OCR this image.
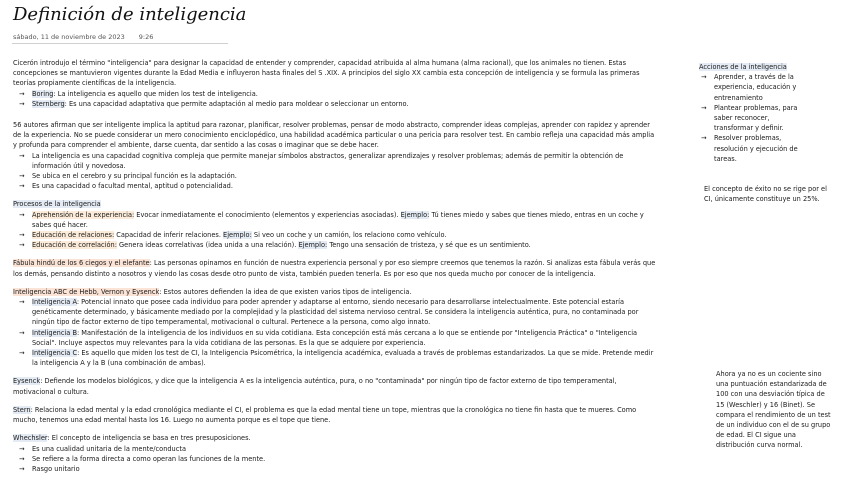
Definición de inteligencia
sábado, 11 de noviembre de 2023 9:26

Cicerón introdujo el término "inteligencia" para designar la capacidad de entender y comprender, capacidad atribuida al alma humana (alma racional), que los animales no tienen. Estas concepciones se mantuvieron vigentes durante la Edad Media e influyeron hasta finales del S .XIX. A principios del siglo XX cambia esta concepción de inteligencia y se formula las primeras teorías propiamente científicas de la inteligencia.

→ Boring: La inteligencia es aquello que miden los test de inteligencia.
→ Sternberg: Es una capacidad adaptativa que permite adaptación al medio para moldear o seleccionar un entorno.

56 autores afirman que ser inteligente implica la aptitud para razonar, planificar, resolver problemas, pensar de modo abstracto, comprender ideas complejas, aprender con rapidez y aprender de la experiencia. No se puede considerar un mero conocimiento enciclopédico, una habilidad académica particular o una pericia para resolver test. En cambio refleja una capacidad más amplia y profunda para comprender el ambiente, darse cuenta, dar sentido a las cosas o imaginar que se debe hacer.

→ La inteligencia es una capacidad cognitiva compleja que permite manejar símbolos abstractos, generalizar aprendizajes y resolver problemas; además de permitir la obtención de información útil y novedosa.
→ Se ubica en el cerebro y su principal función es la adaptación.
→ Es una capacidad o facultad mental, aptitud o potencialidad.
Procesos de la inteligencia
→ Aprehensión de la experiencia: Evocar inmediatamente el conocimiento (elementos y experiencias asociadas). Ejemplo: Tú tienes miedo y sabes que tienes miedo, entras en un coche y sabes qué hacer.
→ Educación de relaciones: Capacidad de inferir relaciones. Ejemplo: Si veo un coche y un camión, los relaciono como vehículo.
→ Educación de correlación: Genera ideas correlativas (idea unida a una relación). Ejemplo: Tengo una sensación de tristeza, y sé que es un sentimiento.

Fábula hindú de los 6 ciegos y el elefante: Las personas opinamos en función de nuestra experiencia personal y por eso siempre creemos que tenemos la razón. Si analizas esta fábula verás que los demás, pensando distinto a nosotros y viendo las cosas desde otro punto de vista, también pueden tenerla. Es por eso que nos queda mucho por conocer de la inteligencia.

Inteligencia ABC de Hebb, Vernon y Eysenck: Estos autores defienden la idea de que existen varios tipos de inteligencia.
→ Inteligencia A: Potencial innato que posee cada individuo para poder aprender y adaptarse al entorno, siendo necesario para desarrollarse intelectualmente. Este potencial estaría genéticamente determinado, y básicamente mediado por la complejidad y la plasticidad del sistema nervioso central. Se considera la inteligencia auténtica, pura, no contaminada por ningún tipo de factor externo de tipo temperamental, motivacional o cultural. Pertenece a la persona, como algo innato.
→ Inteligencia B: Manifestación de la inteligencia de los individuos en su vida cotidiana. Esta concepción está más cercana a lo que se entiende por "Inteligencia Práctica" o "Inteligencia Social". Incluye aspectos muy relevantes para la vida cotidiana de las personas. Es la que se adquiere por experiencia.
→ Inteligencia C: Es aquello que miden los test de CI, la Inteligencia Psicométrica, la inteligencia académica, evaluada a través de problemas estandarizados. La que se mide. Pretende medir la inteligencia A y la B (una combinación de ambas).

Eysenck: Defiende los modelos biológicos, y dice que la inteligencia A es la inteligencia auténtica, pura, o no "contaminada" por ningún tipo de factor externo de tipo temperamental, motivacional o cultura.

Stern: Relaciona la edad mental y la edad cronológica mediante el CI, el problema es que la edad mental tiene un tope, mientras que la cronológica no tiene fin hasta que te mueres. Como mucho, tenemos una edad mental hasta los 16. Luego no aumenta porque es el tope que tiene.

Whechsler: El concepto de inteligencia se basa en tres presuposiciones.
→ Es una cualidad unitaria de la mente/conducta
→ Se refiere a la forma directa a como operan las funciones de la mente.
→ Rasgo unitario
Acciones de la inteligencia
→ Aprender, a través de la experiencia, educación y entrenamiento
→ Plantear problemas, para saber reconocer, transformar y definir.
→ Resolver problemas, resolución y ejecución de tareas.
El concepto de éxito no se rige por el CI, únicamente constituye un 25%.
Ahora ya no es un cociente sino una puntuación estandarizada de 100 con una desviación típica de 15 (Weschler) y 16 (Binet). Se compara el rendimiento de un test de un individuo con el de su grupo de edad. El CI sigue una distribución curva normal.
